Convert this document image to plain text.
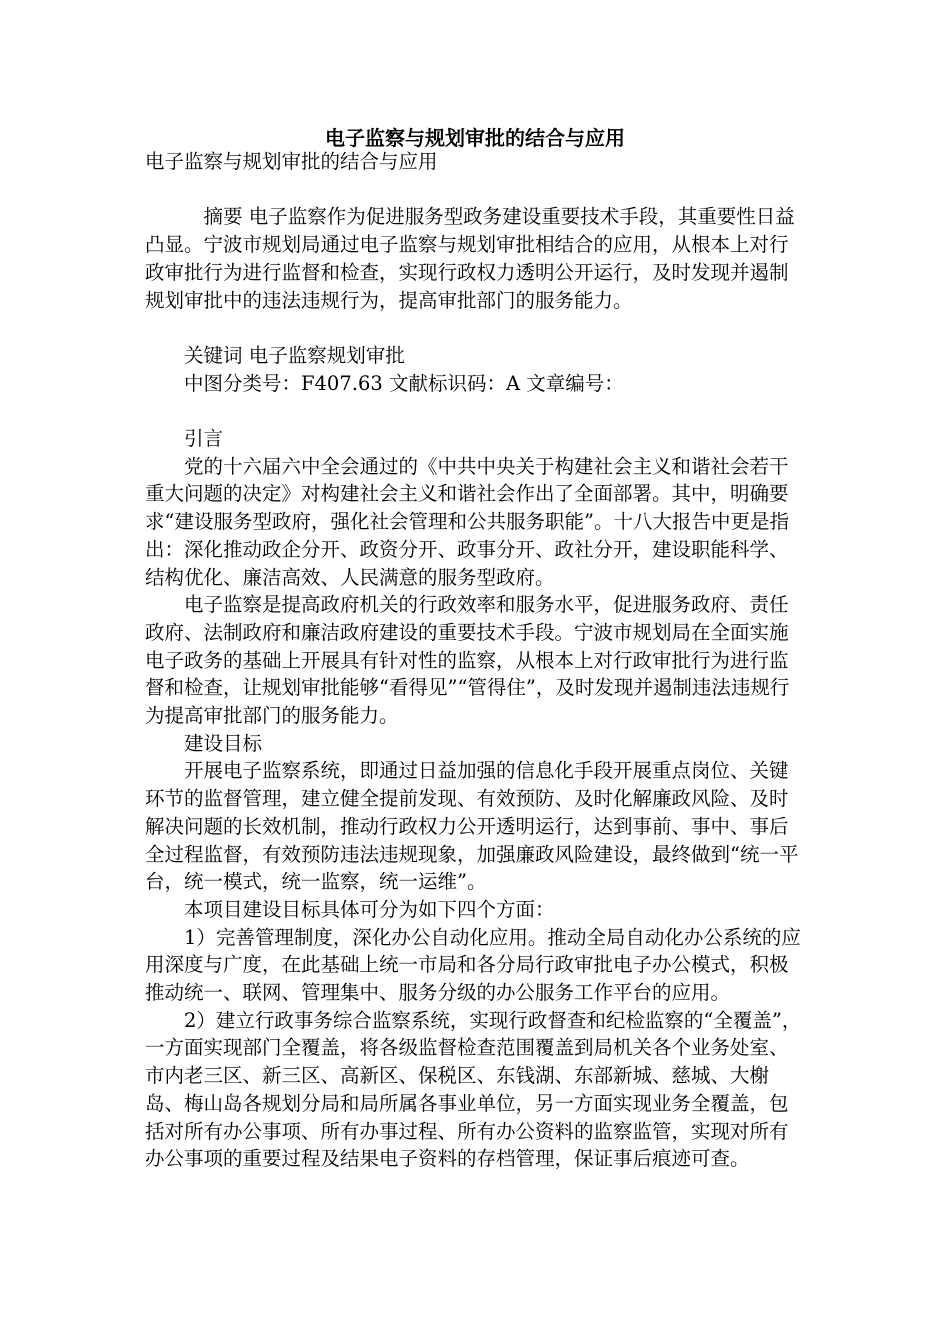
电子监察与规划审批的结合与应用

电子监察与规划审批的结合与应用

摘要 电子监察作为促进服务型政务建设重要技术手段，其重要性日益凸显。宁波市规划局通过电子监察与规划审批相结合的应用，从根本上对行政审批行为进行监督和检查，实现行政权力透明公开运行，及时发现并遏制规划审批中的违法违规行为，提高审批部门的服务能力。

关键词 电子监察规划审批

中图分类号：F407.63 文献标识码：A 文章编号：

引言

党的十六届六中全会通过的《中共中央关于构建社会主义和谐社会若干重大问题的决定》对构建社会主义和谐社会作出了全面部署。其中，明确要求“建设服务型政府，强化社会管理和公共服务职能”。十八大报告中更是指出：深化推动政企分开、政资分开、政事分开、政社分开，建设职能科学、结构优化、廉洁高效、人民满意的服务型政府。

电子监察是提高政府机关的行政效率和服务水平，促进服务政府、责任政府、法制政府和廉洁政府建设的重要技术手段。宁波市规划局在全面实施电子政务的基础上开展具有针对性的监察，从根本上对行政审批行为进行监督和检查，让规划审批能够“看得见”“管得住”，及时发现并遏制违法违规行为提高审批部门的服务能力。

建设目标

开展电子监察系统，即通过日益加强的信息化手段开展重点岗位、关键环节的监督管理，建立健全提前发现、有效预防、及时化解廉政风险、及时解决问题的长效机制，推动行政权力公开透明运行，达到事前、事中、事后全过程监督，有效预防违法违规现象，加强廉政风险建设，最终做到“统一平台，统一模式，统一监察，统一运维”。

本项目建设目标具体可分为如下四个方面：

1）完善管理制度，深化办公自动化应用。推动全局自动化办公系统的应用深度与广度，在此基础上统一市局和各分局行政审批电子办公模式，积极推动统一、联网、管理集中、服务分级的办公服务工作平台的应用。

2）建立行政事务综合监察系统，实现行政督查和纪检监察的“全覆盖”， 一方面实现部门全覆盖，将各级监督检查范围覆盖到局机关各个业务处室、市内老三区、新三区、高新区、保税区、东钱湖、东部新城、慈城、大榭岛、梅山岛各规划分局和局所属各事业单位，另一方面实现业务全覆盖，包括对所有办公事项、所有办事过程、所有办公资料的监察监管，实现对所有办公事项的重要过程及结果电子资料的存档管理，保证事后痕迹可查。
